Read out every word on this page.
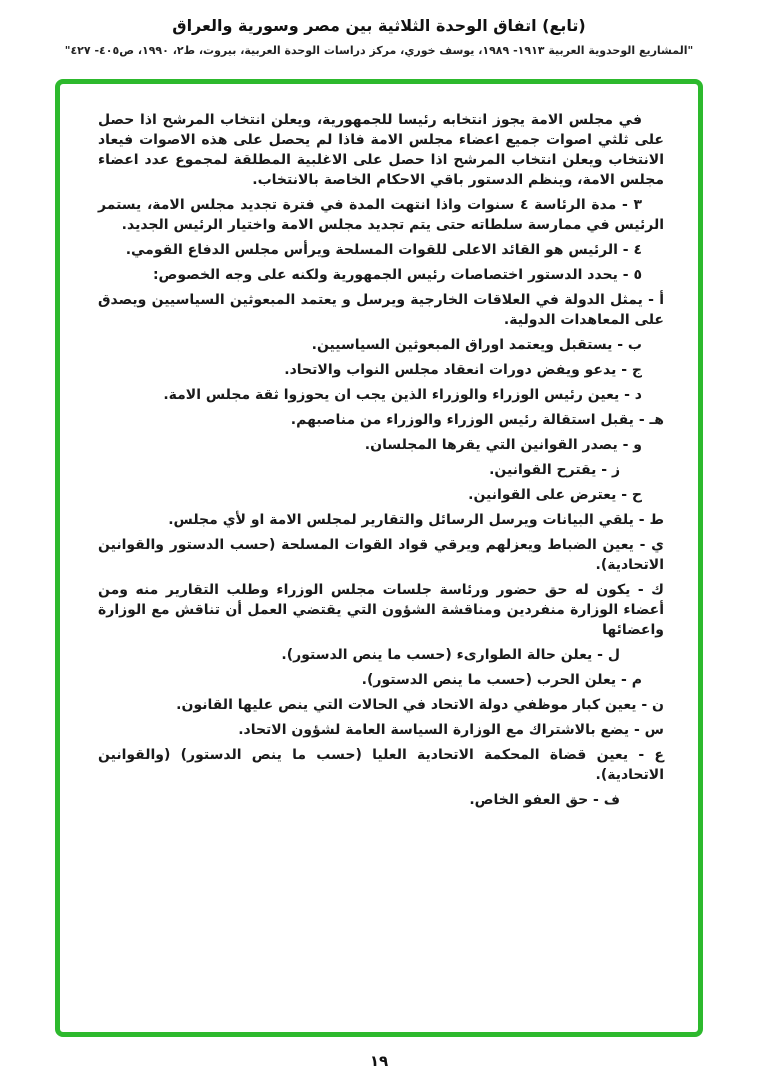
(تابع) اتفاق الوحدة الثلاثية بين مصر وسورية والعراق
"المشاريع الوحدوية العربية ١٩١٣- ١٩٨٩، يوسف خوري، مركز دراسات الوحدة العربية، بيروت، ط٢، ١٩٩٠، ص٤٠٥- ٤٢٧"

في مجلس الامة يجوز انتخابه رئيسا للجمهورية، ويعلن انتخاب المرشح اذا حصل على ثلثي اصوات جميع اعضاء مجلس الامة فاذا لم يحصل على هذه الاصوات فيعاد الانتخاب ويعلن انتخاب المرشح اذا حصل على الاغلبية المطلقة لمجموع عدد اعضاء مجلس الامة، وينظم الدستور باقي الاحكام الخاصة بالانتخاب.

٣ - مدة الرئاسة ٤ سنوات واذا انتهت المدة في فترة تجديد مجلس الامة، يستمر الرئيس في ممارسة سلطاته حتى يتم تجديد مجلس الامة واختيار الرئيس الجديد.

٤ - الرئيس هو القائد الاعلى للقوات المسلحة ويرأس مجلس الدفاع القومي.

٥ - يحدد الدستور اختصاصات رئيس الجمهورية ولكنه على وجه الخصوص:

أ - يمثل الدولة في العلاقات الخارجية ويرسل و يعتمد المبعوثين السياسيين ويصدق على المعاهدات الدولية.

ب - يستقبل ويعتمد اوراق المبعوثين السياسيين.

ج - يدعو ويفض دورات انعقاد مجلس النواب والاتحاد.

د - يعين رئيس الوزراء والوزراء الذين يجب ان يحوزوا ثقة مجلس الامة.

هـ - يقبل استقالة رئيس الوزراء والوزراء من مناصبهم.

و - يصدر القوانين التي يقرها المجلسان.

ز - يقترح القوانين.

ح - يعترض على القوانين.

ط - يلقي البيانات ويرسل الرسائل والتقارير لمجلس الامة او لأي مجلس.

ي - يعين الضباط ويعزلهم ويرقي قواد القوات المسلحة (حسب الدستور والقوانين الاتحادية).

ك - يكون له حق حضور ورئاسة جلسات مجلس الوزراء وطلب التقارير منه ومن أعضاء الوزارة منفردين ومناقشة الشؤون التي يقتضي العمل أن تناقش مع الوزارة واعضائها

ل - يعلن حالة الطوارىء (حسب ما ينص الدستور).

م - يعلن الحرب (حسب ما ينص الدستور).

ن - يعين كبار موظفي دولة الاتحاد في الحالات التي ينص عليها القانون.

س - يضع بالاشتراك مع الوزارة السياسة العامة لشؤون الاتحاد.

ع - يعين قضاة المحكمة الاتحادية العليا (حسب ما ينص الدستور) (والقوانين الاتحادية).

ف - حق العفو الخاص.

١٩
